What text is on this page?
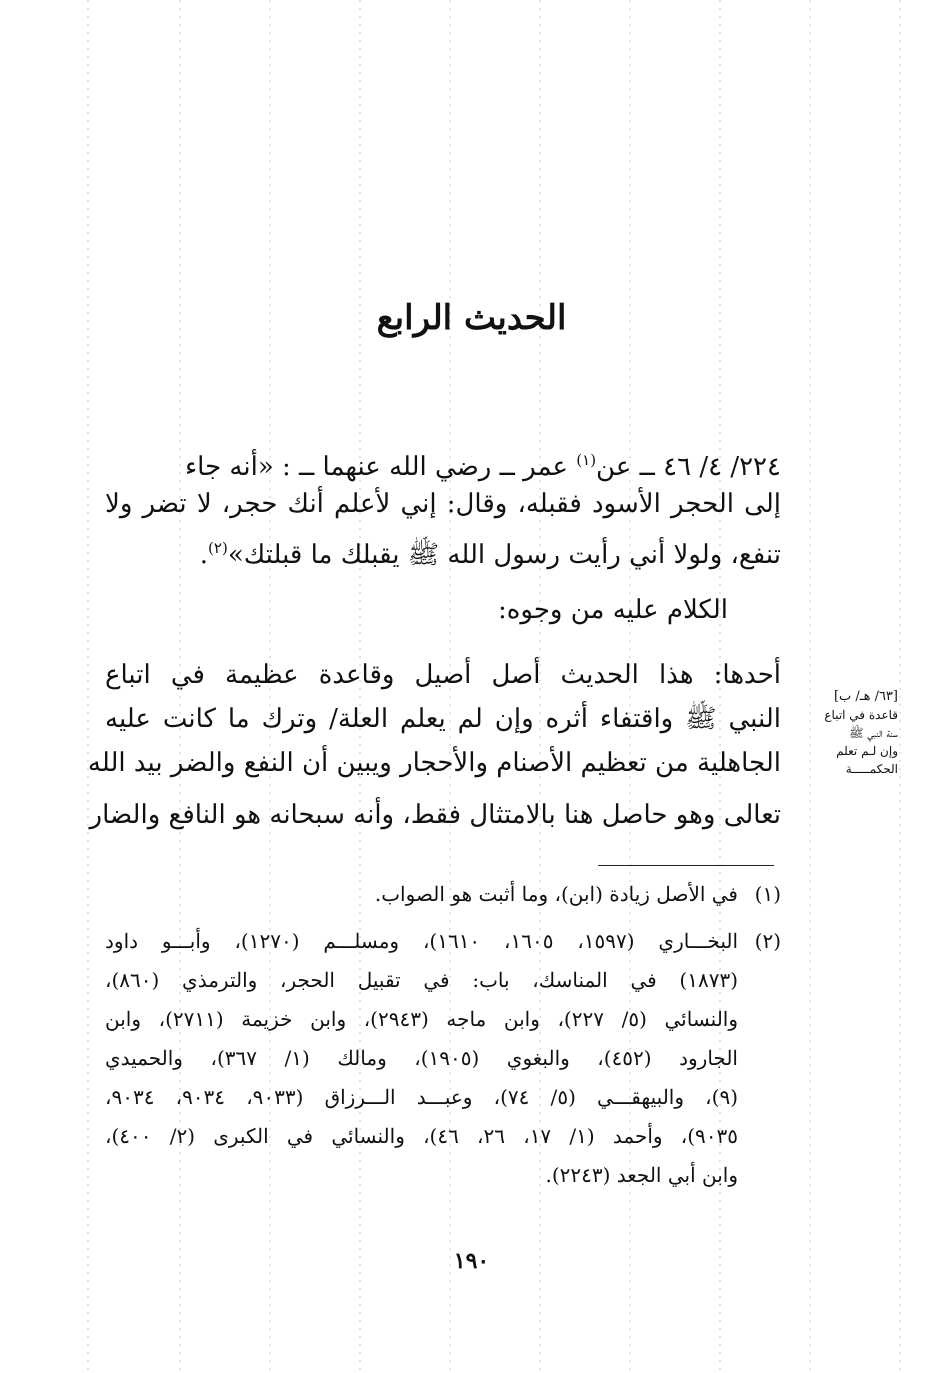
الحديث الرابع
٢٢٤/ ٤/ ٤٦ ــ عن$^{(١)}$ عمر ــ رضي الله عنهما ــ : «أنه جاء
إلى الحجر الأسود فقبله، وقال: إني لأعلم أنك حجر، لا تضر ولا
تنفع، ولولا أني رأيت رسول الله ﷺ يقبلك ما قبلتك»$^{(٢)}$.
الكلام عليه من وجوه:
أحدها: هذا الحديث أصل أصيل وقاعدة عظيمة في اتباع
النبي ﷺ واقتفاء أثره وإن لم يعلم العلة/ وترك ما كانت عليه
الجاهلية من تعظيم الأصنام والأحجار ويبين أن النفع والضر بيد الله
تعالى وهو حاصل هنا بالامتثال فقط، وأنه سبحانه هو النافع والضار
[٦٣/ هـ/ ب]
قاعدة في اتباع
سنة النبي ﷺ
وإن لـم تعلم
الحكمـــــة
(١)
في الأصل زيادة (ابن)، وما أثبت هو الصواب.
(٢)
البخـــاري (١٥٩٧، ١٦٠٥، ١٦١٠)، ومسلـــم (١٢٧٠)، وأبـــو داود
(١٨٧٣) في المناسك، باب: في تقبيل الحجر، والترمذي (٨٦٠)،
والنسائي (٥/ ٢٢٧)، وابن ماجه (٢٩٤٣)، وابن خزيمة (٢٧١١)، وابن
الجارود (٤٥٢)، والبغوي (١٩٠٥)، ومالك (١/ ٣٦٧)، والحميدي
(٩)، والبيهقـــي (٥/ ٧٤)، وعبـــد الـــرزاق (٩٠٣٣، ٩٠٣٤، ٩٠٣٤،
٩٠٣٥)، وأحمد (١/ ١٧، ٢٦، ٤٦)، والنسائي في الكبرى (٢/ ٤٠٠)،
وابن أبي الجعد (٢٢٤٣).
١٩٠
